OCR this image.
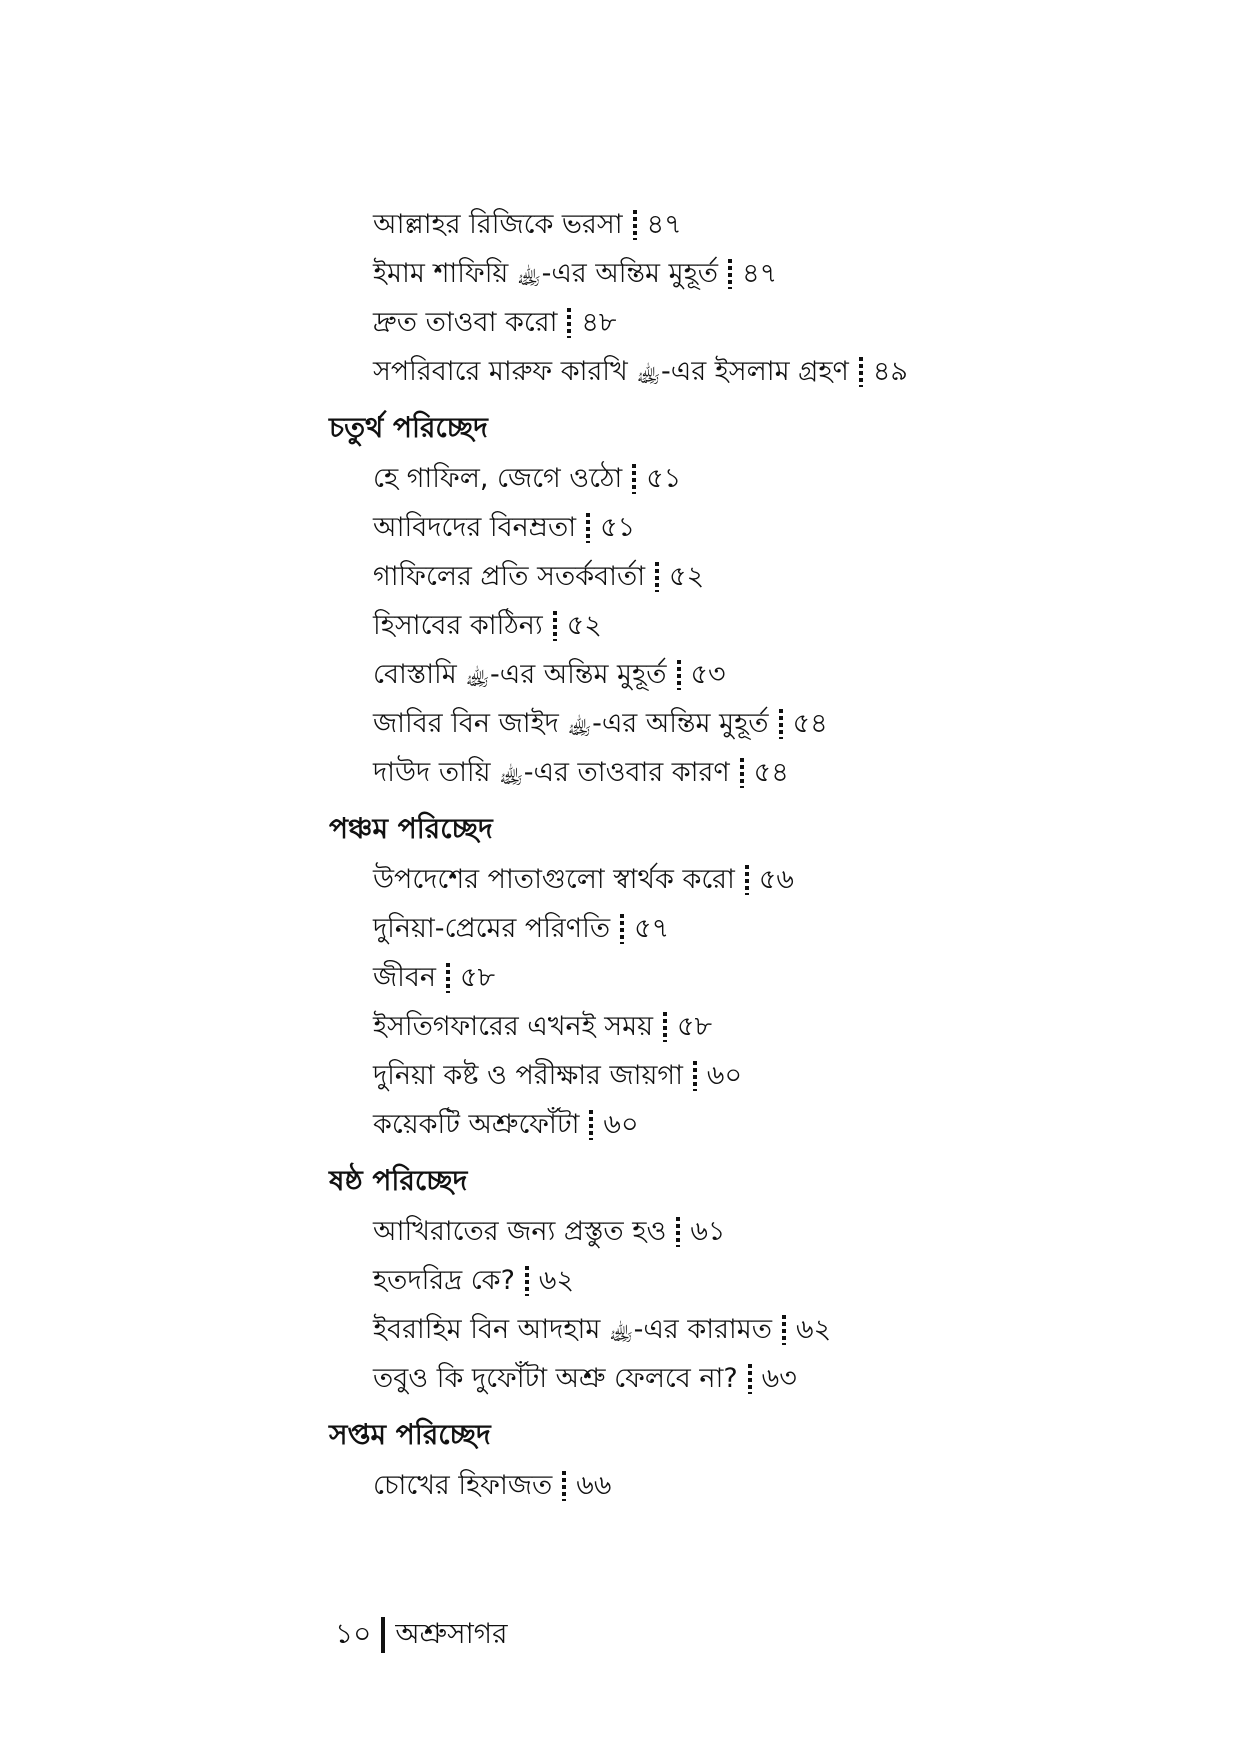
আল্লাহর রিজিকে ভরসা ৪৭
ইমাম শাফিয়ি ﵀-এর অন্তিম মুহূর্ত ৪৭
দ্রুত তাওবা করো ৪৮
সপরিবারে মারুফ কারখি ﵀-এর ইসলাম গ্রহণ ৪৯
চতুর্থ পরিচ্ছেদ
হে গাফিল, জেগে ওঠো ৫১
আবিদদের বিনম্রতা ৫১
গাফিলের প্রতি সতর্কবার্তা ৫২
হিসাবের কাঠিন্য ৫২
বোস্তামি ﵀-এর অন্তিম মুহূর্ত ৫৩
জাবির বিন জাইদ ﵀-এর অন্তিম মুহূর্ত ৫৪
দাউদ তায়ি ﵀-এর তাওবার কারণ ৫৪
পঞ্চম পরিচ্ছেদ
উপদেশের পাতাগুলো স্বার্থক করো ৫৬
দুনিয়া-প্রেমের পরিণতি ৫৭
জীবন ৫৮
ইসতিগফারের এখনই সময় ৫৮
দুনিয়া কষ্ট ও পরীক্ষার জায়গা ৬০
কয়েকটি অশ্রুফোঁটা ৬০
ষষ্ঠ পরিচ্ছেদ
আখিরাতের জন্য প্রস্তুত হও ৬১
হতদরিদ্র কে? ৬২
ইবরাহিম বিন আদহাম ﵀-এর কারামত ৬২
তবুও কি দুফোঁটা অশ্রু ফেলবে না? ৬৩
সপ্তম পরিচ্ছেদ
চোখের হিফাজত ৬৬
১০ অশ্রুসাগর
